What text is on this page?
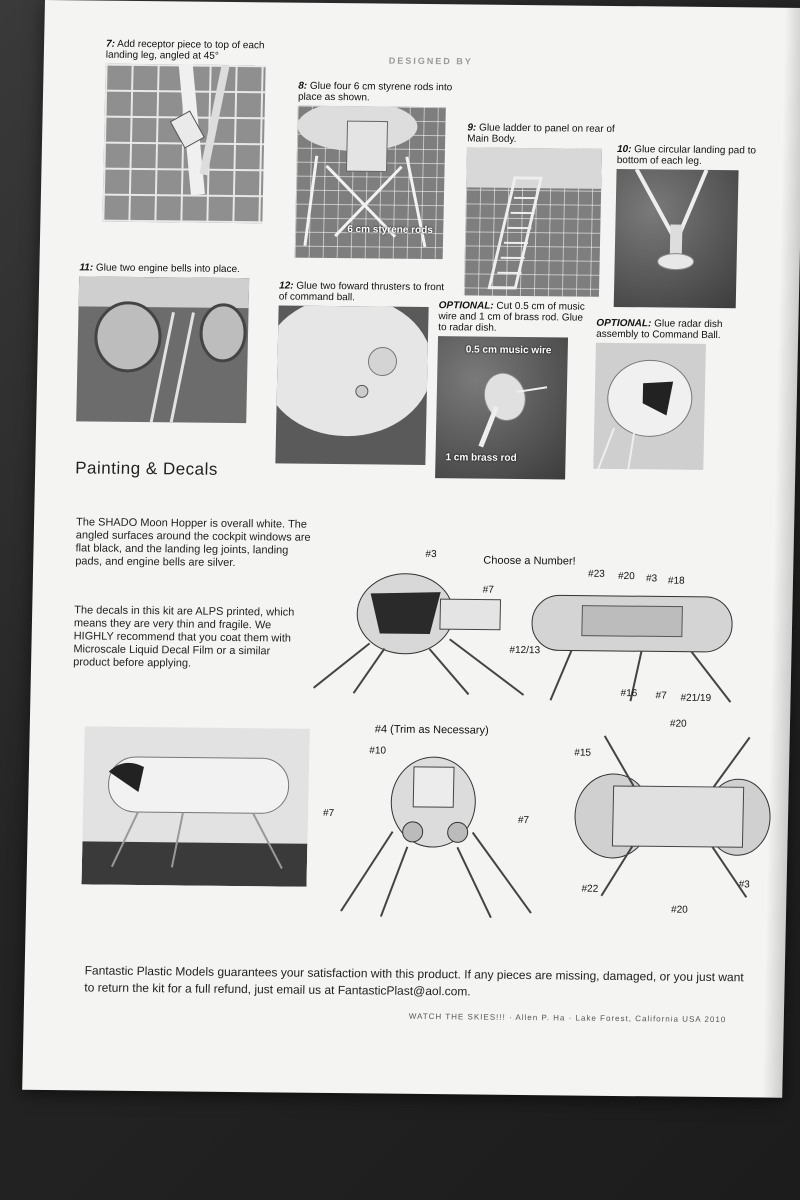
DESIGNED BY
7: Add receptor piece to top of each landing leg, angled at 45°
8: Glue four 6 cm styrene rods into place as shown.
6 cm styrene rods
9: Glue ladder to panel on rear of Main Body.
10: Glue circular landing pad to bottom of each leg.
11: Glue two engine bells into place.
12: Glue two foward thrusters to front of command ball.
OPTIONAL: Cut 0.5 cm of music wire and 1 cm of brass rod. Glue to radar dish.
0.5 cm music wire
1 cm brass rod
OPTIONAL: Glue radar dish assembly to Command Ball.
Painting & Decals
The SHADO Moon Hopper is overall white. The angled surfaces around the cockpit windows are flat black, and the landing leg joints, landing pads, and engine bells are silver.
The decals in this kit are ALPS printed, which means they are very thin and fragile. We HIGHLY recommend that you coat them with Microscale Liquid Decal Film or a similar product before applying.
#3
#7
#12/13
Choose a Number!
#23 #20 #3 #18
#16 #7 #21/19
#4 (Trim as Necessary)
#10
#7
#7
#20
#15
#22	#3
#20
Fantastic Plastic Models guarantees your satisfaction with this product. If any pieces are missing, damaged, or you just want to return the kit for a full refund, just email us at FantasticPlast@aol.com.
WATCH THE SKIES!!! · Allen P. Ha · Lake Forest, California USA 2010
